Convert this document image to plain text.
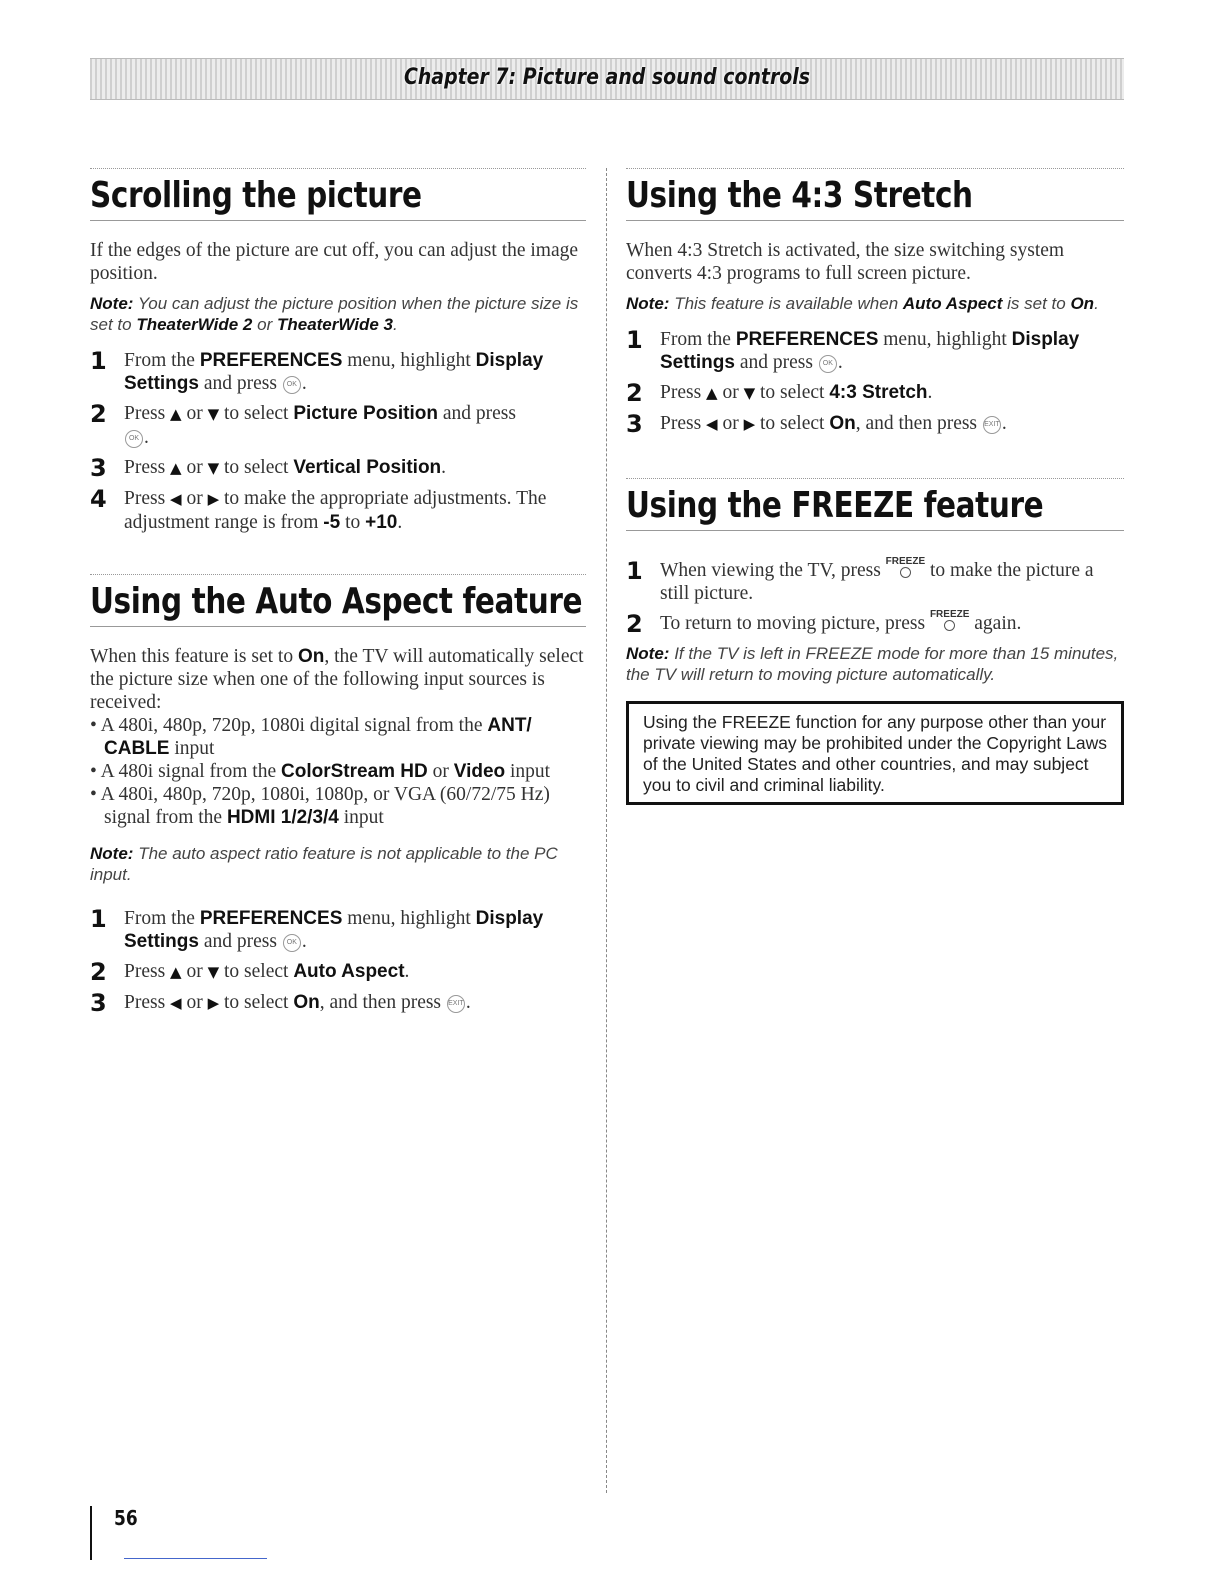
Chapter 7: Picture and sound controls
Scrolling the picture

If the edges of the picture are cut off, you can adjust the image position.

Note: You can adjust the picture position when the picture size is set to TheaterWide 2 or TheaterWide 3.

1 From the PREFERENCES menu, highlight Display Settings and press OK .
2 Press ▲ or ▼ to select Picture Position and press
OK .
3 Press ▲ or ▼ to select Vertical Position.
4 Press ◀ or ▶ to make the appropriate adjustments. The adjustment range is from -5 to +10.
Using the Auto Aspect feature

When this feature is set to On, the TV will automatically select the picture size when one of the following input sources is received:

• A 480i, 480p, 720p, 1080i digital signal from the ANT/ CABLE input
• A 480i signal from the ColorStream HD or Video input
• A 480i, 480p, 720p, 1080i, 1080p, or VGA (60/72/75 Hz) signal from the HDMI 1/2/3/4 input

Note: The auto aspect ratio feature is not applicable to the PC input.

1 From the PREFERENCES menu, highlight Display Settings and press OK .
2 Press ▲ or ▼ to select Auto Aspect.
3 Press ◀ or ▶ to select On, and then press EXIT .
Using the 4:3 Stretch

When 4:3 Stretch is activated, the size switching system converts 4:3 programs to full screen picture.

Note: This feature is available when Auto Aspect is set to On.

1 From the PREFERENCES menu, highlight Display Settings and press OK .
2 Press ▲ or ▼ to select 4:3 Stretch.
3 Press ◀ or ▶ to select On, and then press EXIT .
Using the FREEZE feature
1 When viewing the TV, press FREEZE
to make the picture a still picture.
2 To return to moving picture, press FREEZE
again.

Note: If the TV is left in FREEZE mode for more than 15 minutes, the TV will return to moving picture automatically.

Using the FREEZE function for any purpose other than your private viewing may be prohibited under the Copyright Laws of the United States and other countries, and may subject you to civil and criminal liability.
56
